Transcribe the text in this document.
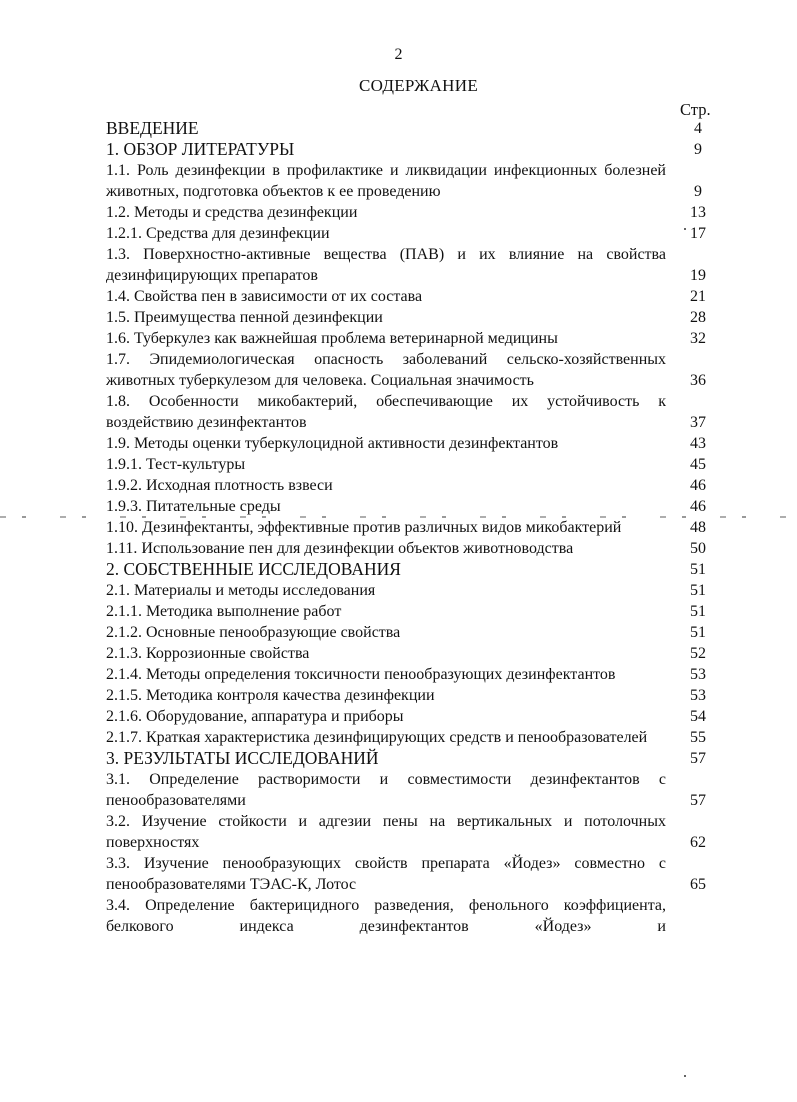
2
СОДЕРЖАНИЕ
Стр.
ВВЕДЕНИЕ	4
1. ОБЗОР ЛИТЕРАТУРЫ	9
1.1. Роль дезинфекции в профилактике и ликвидации инфекционных болезней животных, подготовка объектов к ее проведению	9
1.2. Методы и средства дезинфекции	13
1.2.1. Средства для дезинфекции	17
1.3. Поверхностно-активные вещества (ПАВ) и их влияние на свойства дезинфицирующих препаратов	19
1.4. Свойства пен в зависимости от их состава	21
1.5. Преимущества пенной дезинфекции	28
1.6. Туберкулез как важнейшая проблема ветеринарной медицины	32
1.7. Эпидемиологическая опасность заболеваний сельско-хозяйственных животных туберкулезом для человека. Социальная значимость	36
1.8. Особенности микобактерий, обеспечивающие их устойчивость к воздействию дезинфектантов	37
1.9. Методы оценки туберкулоцидной активности дезинфектантов	43
1.9.1. Тест-культуры	45
1.9.2. Исходная плотность взвеси	46
1.9.3. Питательные среды	46
1.10. Дезинфектанты, эффективные против различных видов микобактерий	48
1.11. Использование пен для дезинфекции объектов животноводства	50
2. СОБСТВЕННЫЕ ИССЛЕДОВАНИЯ	51
2.1. Материалы и методы исследования	51
2.1.1. Методика выполнение работ	51
2.1.2. Основные пенообразующие свойства	51
2.1.3. Коррозионные свойства	52
2.1.4. Методы определения токсичности пенообразующих дезинфектантов	53
2.1.5. Методика контроля качества дезинфекции	53
2.1.6. Оборудование, аппаратура и приборы	54
2.1.7. Краткая характеристика дезинфицирующих средств и пенообразователей	55
3. РЕЗУЛЬТАТЫ ИССЛЕДОВАНИЙ	57
3.1. Определение растворимости и совместимости дезинфектантов с пенообразователями	57
3.2. Изучение стойкости и адгезии пены на вертикальных и потолочных поверхностях	62
3.3. Изучение пенообразующих свойств препарата «Йодез» совместно с пенообразователями ТЭАС-К, Лотос	65
3.4. Определение бактерицидного разведения, фенольного коэффициента, белкового индекса дезинфектантов «Йодез» и
